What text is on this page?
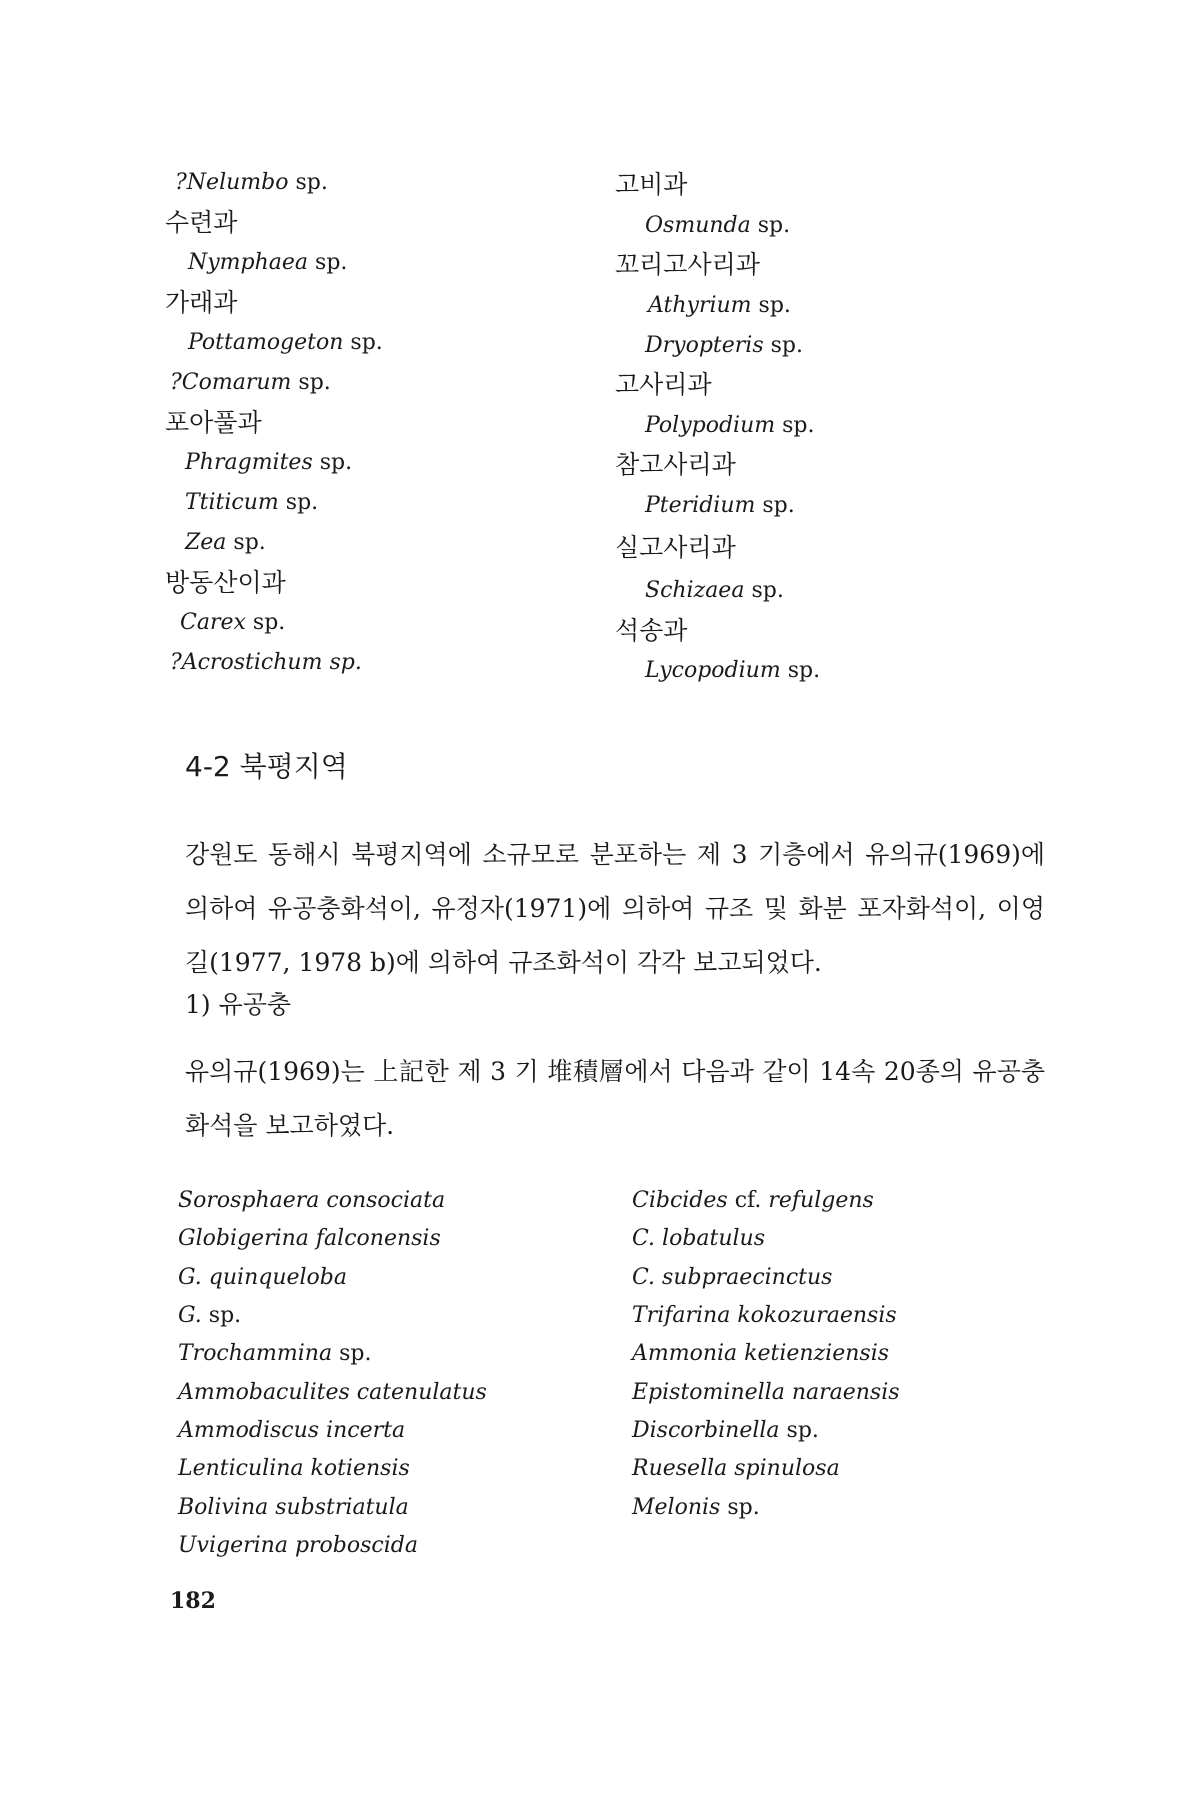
?Nelumbo sp.
수련과
Nymphaea sp.
가래과
Pottamogeton sp.
?Comarum sp.
포아풀과
Phragmites sp.
Ttiticum sp.
Zea sp.
방동산이과
Carex sp.
?Acrostichum sp.
고비과
Osmunda sp.
꼬리고사리과
Athyrium sp.
Dryopteris sp.
고사리과
Polypodium sp.
참고사리과
Pteridium sp.
실고사리과
Schizaea sp.
석송과
Lycopodium sp.
4-2 북평지역
강원도 동해시 북평지역에 소규모로 분포하는 제 3 기층에서 유의규(1969)에 의하여 유공충화석이, 유정자(1971)에 의하여 규조 및 화분 포자화석이, 이영길(1977, 1978 b)에 의하여 규조화석이 각각 보고되었다.
1) 유공충
유의규(1969)는 上記한 제 3 기 堆積層에서 다음과 같이 14속 20종의 유공충화석을 보고하였다.
Sorosphaera consociata
Globigerina falconensis
G. quinqueloba
G. sp.
Trochammina sp.
Ammobaculites catenulatus
Ammodiscus incerta
Lenticulina kotiensis
Bolivina substriatula
Uvigerina proboscida
Cibcides cf. refulgens
C. lobatulus
C. subpraecinctus
Trifarina kokozuraensis
Ammonia ketienziensis
Epistominella naraensis
Discorbinella sp.
Ruesella spinulosa
Melonis sp.
182
